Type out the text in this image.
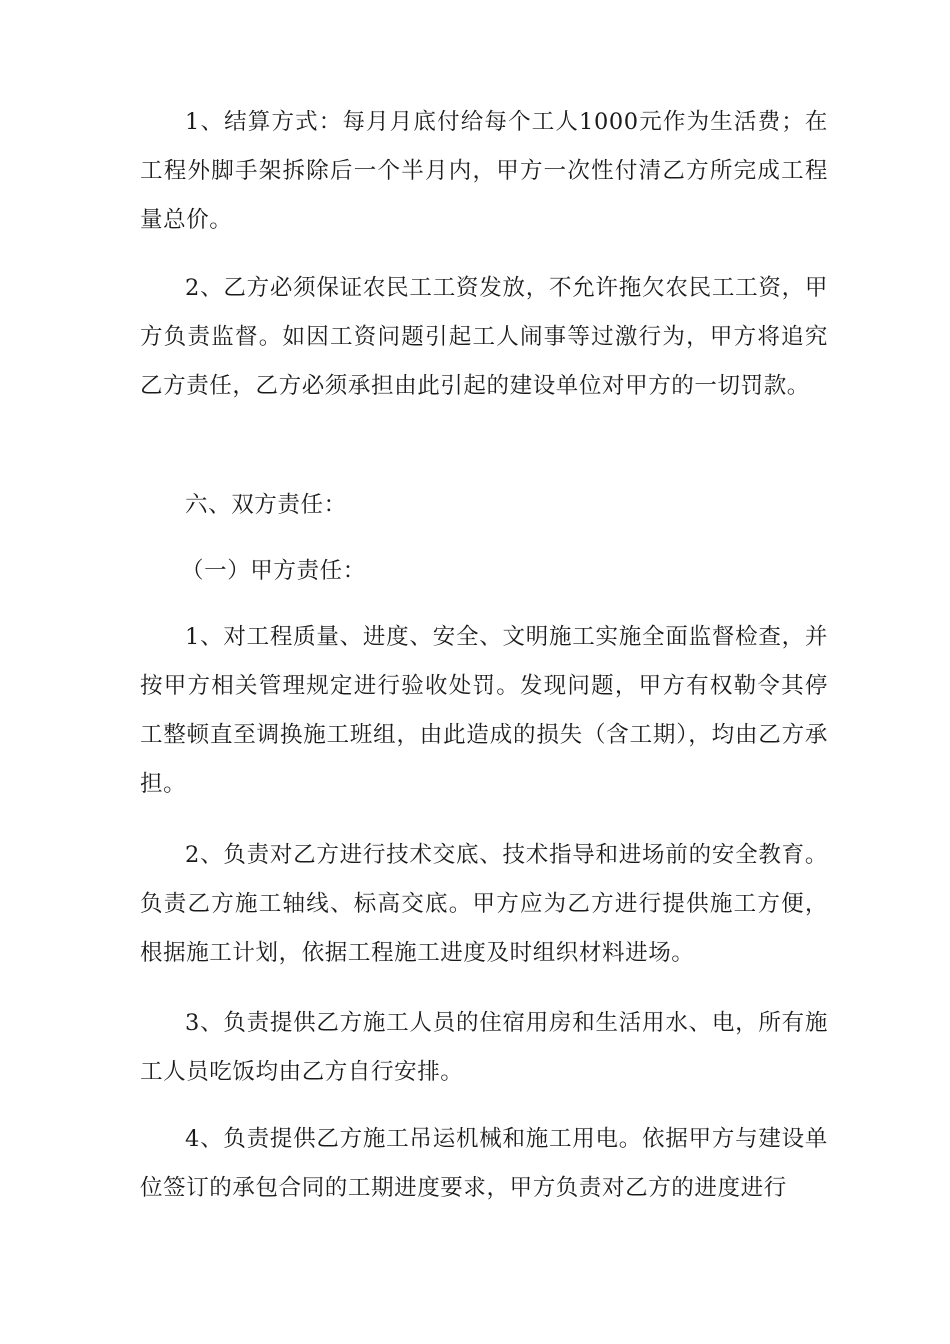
1、结算方式：每月月底付给每个工人1000元作为生活费；在工程外脚手架拆除后一个半月内，甲方一次性付清乙方所完成工程量总价。

2、乙方必须保证农民工工资发放，不允许拖欠农民工工资，甲方负责监督。如因工资问题引起工人闹事等过激行为，甲方将追究乙方责任，乙方必须承担由此引起的建设单位对甲方的一切罚款。

六、双方责任：

（一）甲方责任：

1、对工程质量、进度、安全、文明施工实施全面监督检查，并按甲方相关管理规定进行验收处罚。发现问题，甲方有权勒令其停工整顿直至调换施工班组，由此造成的损失（含工期），均由乙方承担。

2、负责对乙方进行技术交底、技术指导和进场前的安全教育。负责乙方施工轴线、标高交底。甲方应为乙方进行提供施工方便，根据施工计划，依据工程施工进度及时组织材料进场。

3、负责提供乙方施工人员的住宿用房和生活用水、电，所有施工人员吃饭均由乙方自行安排。

4、负责提供乙方施工吊运机械和施工用电。依据甲方与建设单位签订的承包合同的工期进度要求，甲方负责对乙方的进度进行
